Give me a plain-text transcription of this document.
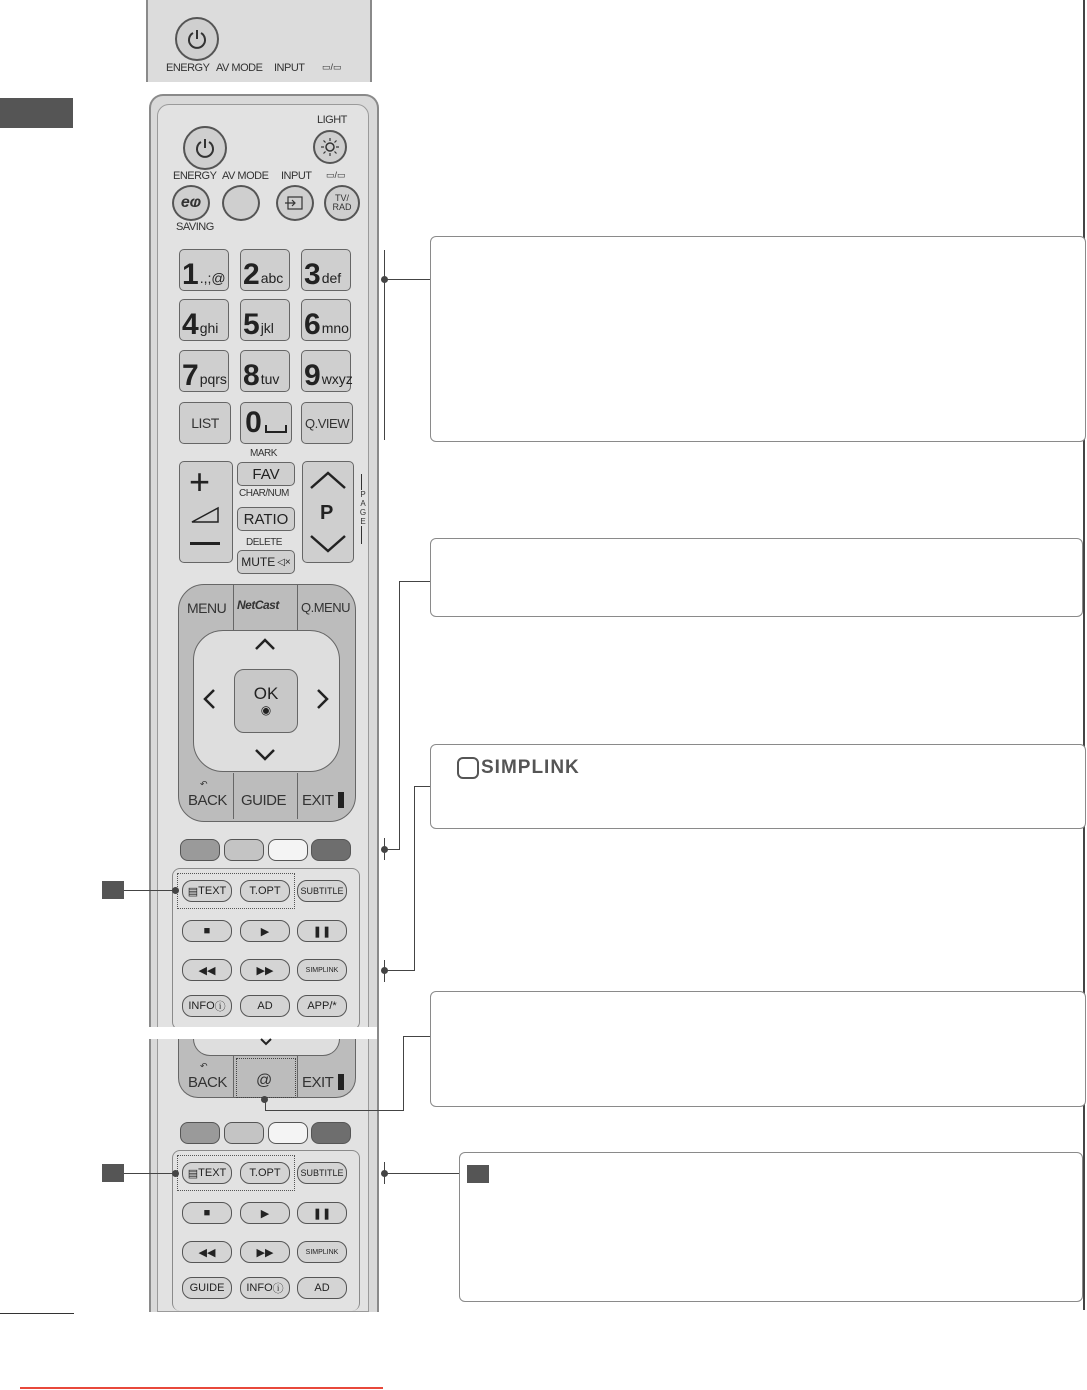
ENERGY AV MODE INPUT ▭/▭
LIGHT
ENERGY AV MODE INPUT ▭/▭
eⱷ	TV/
RAD
SAVING
1 .,;@ 2 abc 3 def
4 ghi 5 jkl 6 mno
7 pqrs 8 tuv 9 wxyz
LIST 0	Q.VIEW
+
MARK
FAV
CHAR/NUM
RATIO
DELETE
MUTE ◁×
P
PAGE
MENU NetCast Q.MENU
OK
◉
BACK
↶
GUIDE EXIT
▤ TEXT T.OPT SUBTITLE
■	▶	❚❚
◀◀	▶▶	SIMPLINK
INFO ⓘ	AD	APP/*
BACK
↶
@ EXIT
▤ TEXT T.OPT SUBTITLE
■	▶	❚❚
◀◀	▶▶	SIMPLINK
GUIDE INFO ⓘ	AD
SIMPLINK
